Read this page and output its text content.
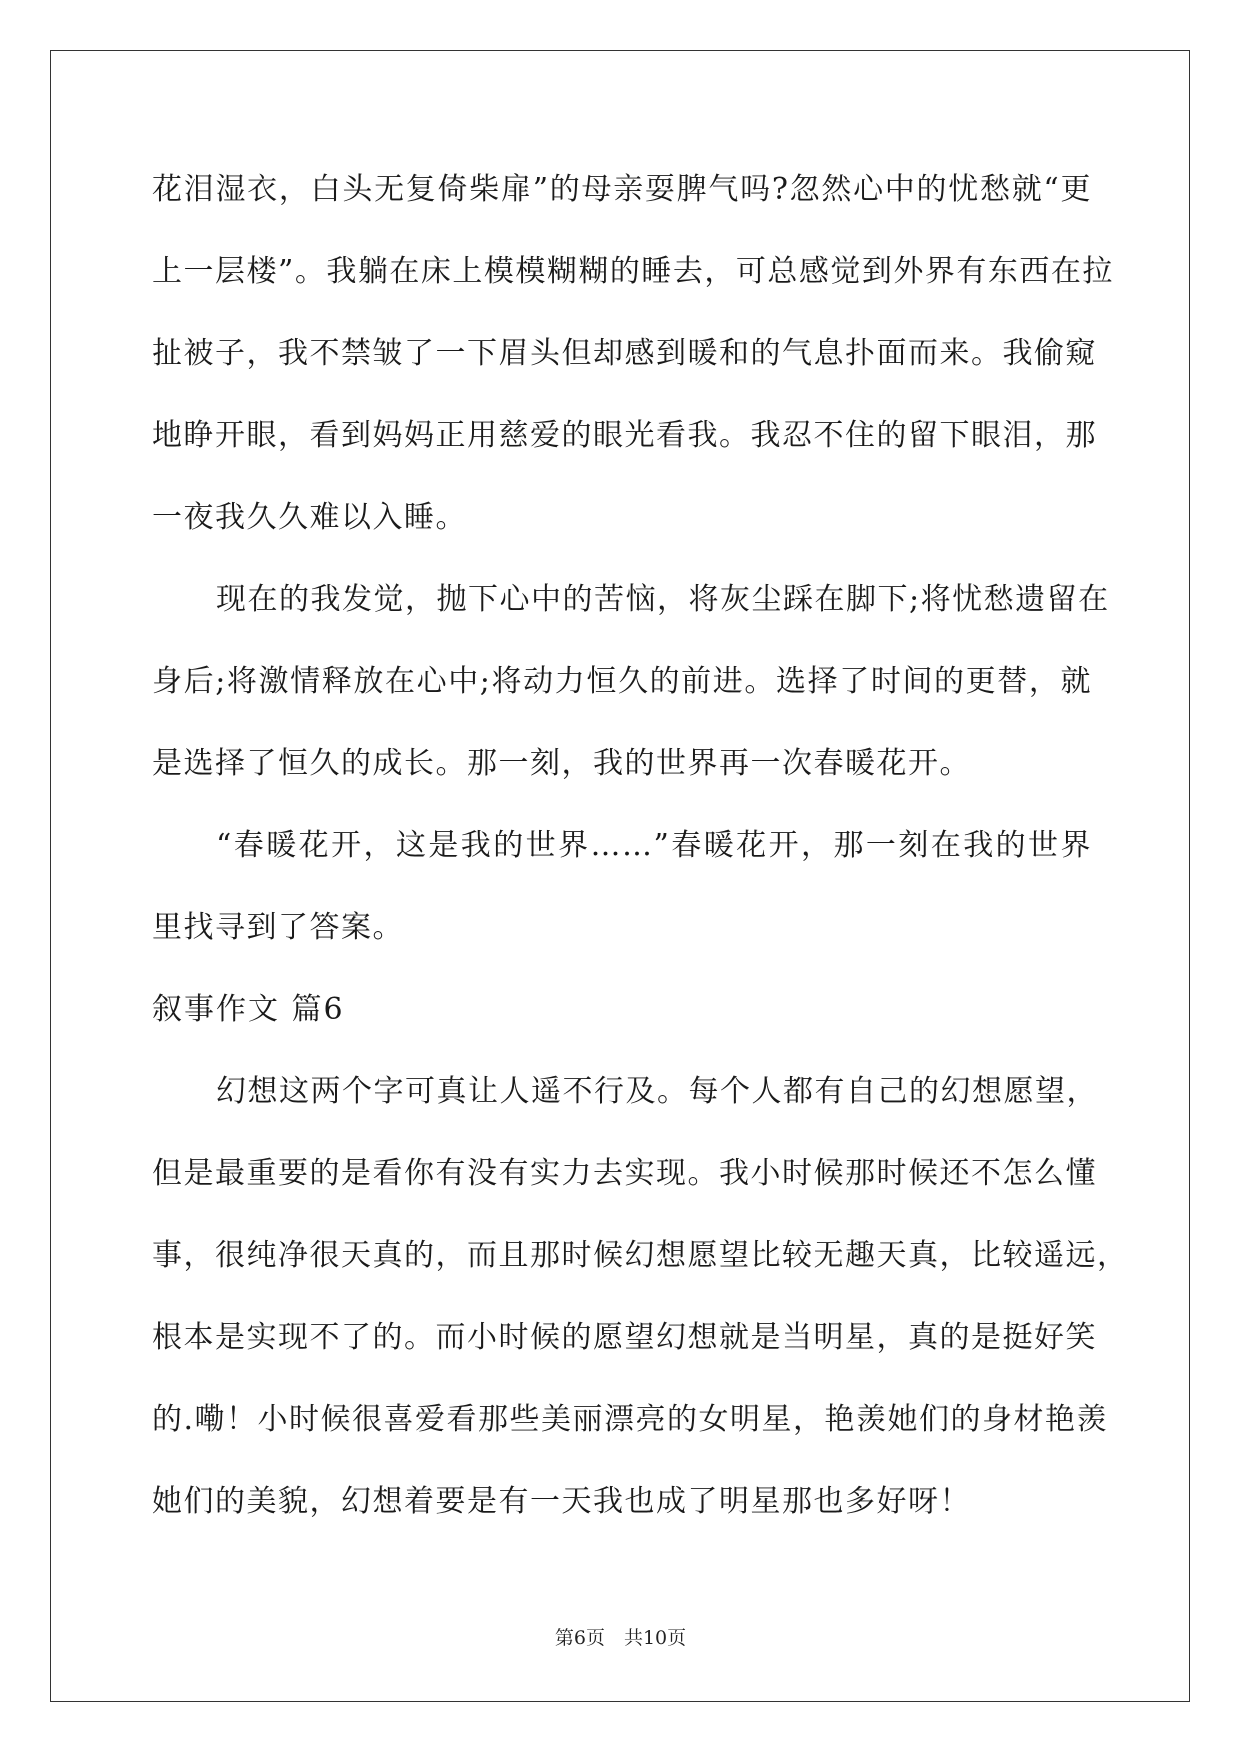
花泪湿衣，白头无复倚柴扉”的母亲耍脾气吗?忽然心中的忧愁就“更
上一层楼”。我躺在床上模模糊糊的睡去，可总感觉到外界有东西在拉
扯被子，我不禁皱了一下眉头但却感到暖和的气息扑面而来。我偷窥
地睁开眼，看到妈妈正用慈爱的眼光看我。我忍不住的留下眼泪，那
一夜我久久难以入睡。
现在的我发觉，抛下心中的苦恼，将灰尘踩在脚下;将忧愁遗留在
身后;将激情释放在心中;将动力恒久的前进。选择了时间的更替，就
是选择了恒久的成长。那一刻，我的世界再一次春暖花开。
“春暖花开，这是我的世界……”春暖花开，那一刻在我的世界
里找寻到了答案。
叙事作文 篇6
幻想这两个字可真让人遥不行及。每个人都有自己的幻想愿望，
但是最重要的是看你有没有实力去实现。我小时候那时候还不怎么懂
事，很纯净很天真的，而且那时候幻想愿望比较无趣天真，比较遥远，
根本是实现不了的。而小时候的愿望幻想就是当明星，真的是挺好笑
的.嘞！小时候很喜爱看那些美丽漂亮的女明星，艳羡她们的身材艳羡
她们的美貌，幻想着要是有一天我也成了明星那也多好呀！
第6页　共10页
